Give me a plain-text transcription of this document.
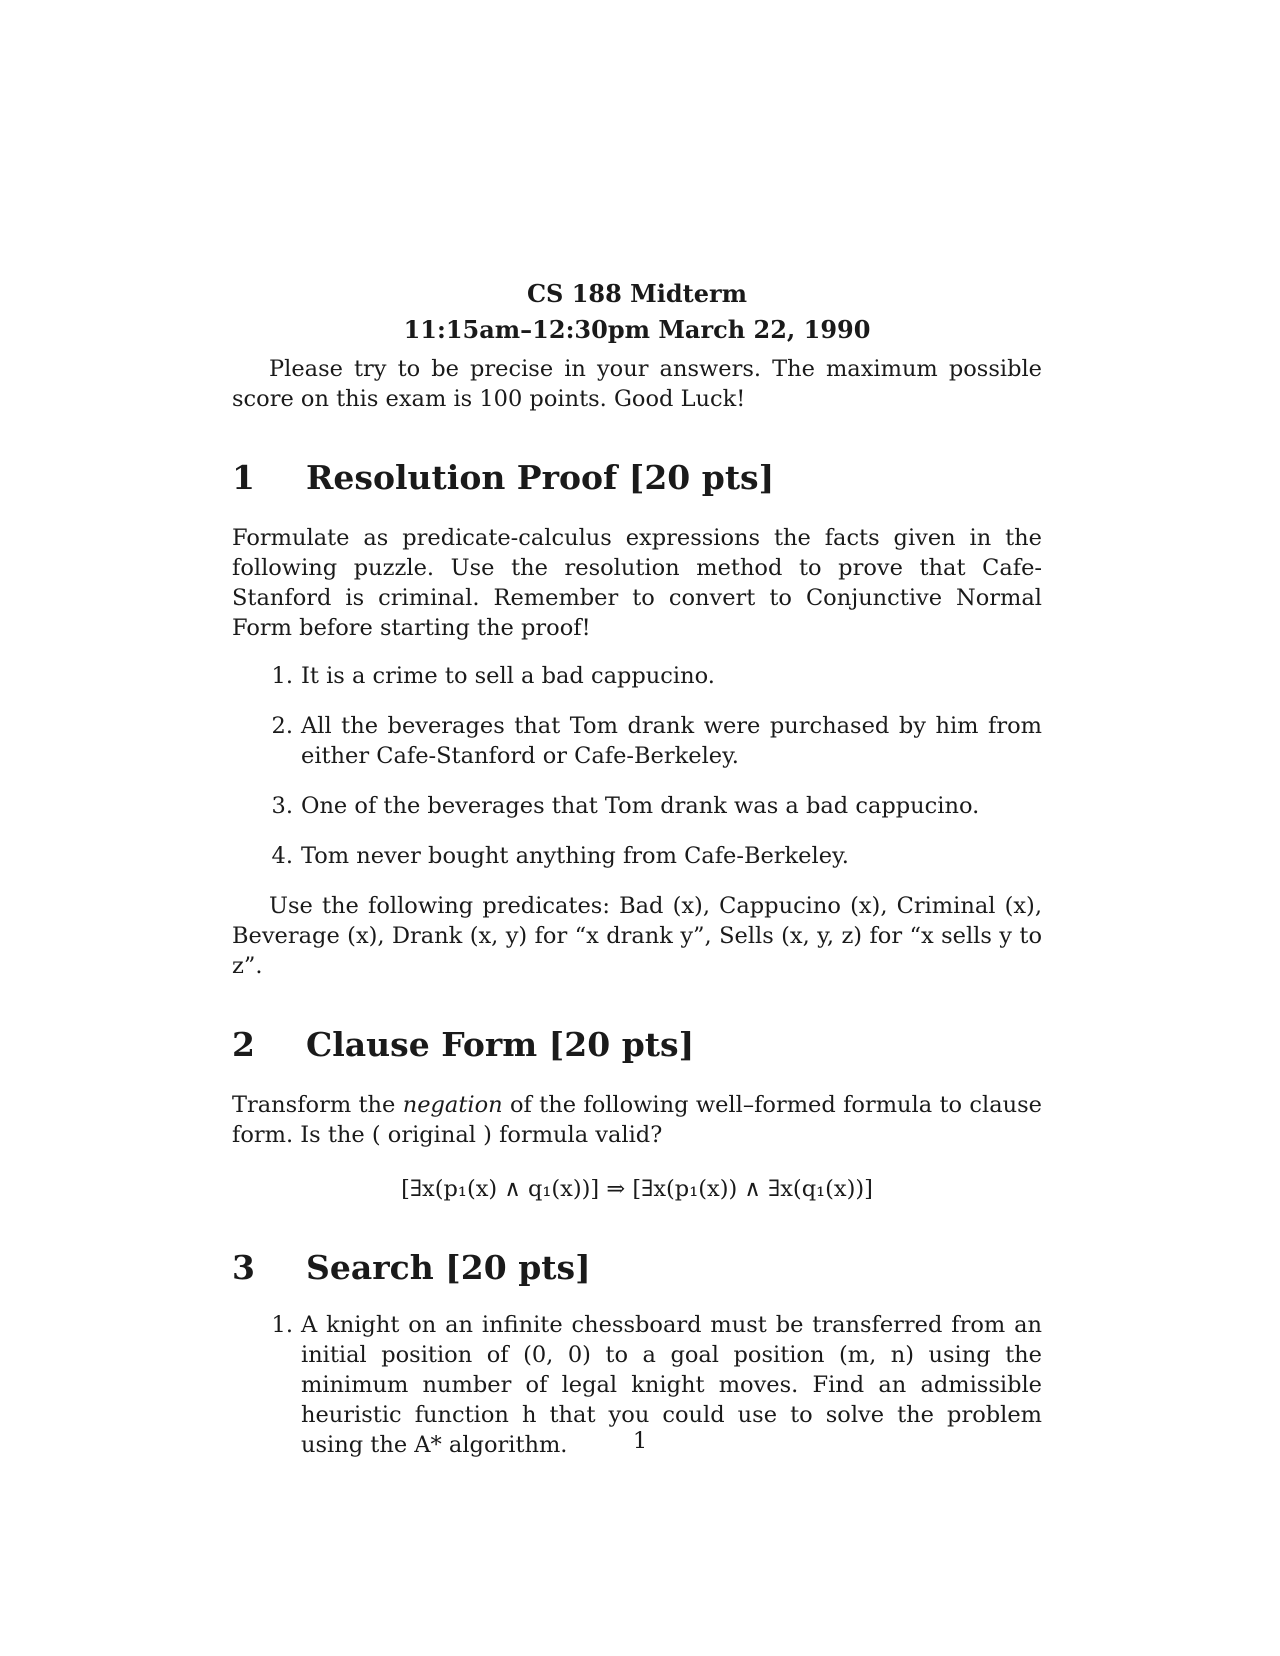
CS 188 Midterm
11:15am–12:30pm March 22, 1990

Please try to be precise in your answers. The maximum possible score on this exam is 100 points. Good Luck!

1	Resolution Proof [20 pts]

Formulate as predicate-calculus expressions the facts given in the following puzzle. Use the resolution method to prove that Cafe-Stanford is criminal. Remember to convert to Conjunctive Normal Form before starting the proof!

1. It is a crime to sell a bad cappucino.
2. All the beverages that Tom drank were purchased by him from either Cafe-Stanford or Cafe-Berkeley.
3. One of the beverages that Tom drank was a bad cappucino.
4. Tom never bought anything from Cafe-Berkeley.

Use the following predicates: Bad (x), Cappucino (x), Criminal (x), Beverage (x), Drank (x, y) for “x drank y”, Sells (x, y, z) for “x sells y to z”.

2	Clause Form [20 pts]

Transform the negation of the following well–formed formula to clause form. Is the ( original ) formula valid?

[∃x(p₁(x) ∧ q₁(x))] ⇒ [∃x(p₁(x)) ∧ ∃x(q₁(x))]
3	Search [20 pts]
1. A knight on an infinite chessboard must be transferred from an initial position of (0, 0) to a goal position (m, n) using the minimum number of legal knight moves. Find an admissible heuristic function h that you could use to solve the problem using the A* algorithm.	1
